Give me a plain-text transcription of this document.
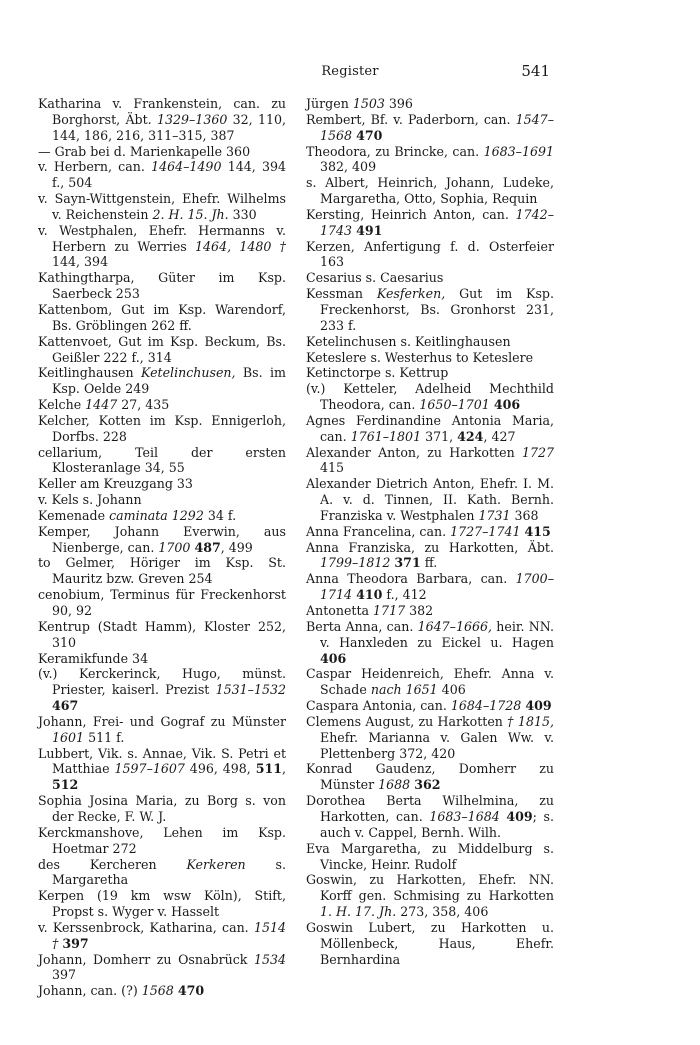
Register	541

Katharina v. Frankenstein, can. zu Borghorst, Äbt. 1329–1360 32, 110, 144, 186, 216, 311–315, 387

— Grab bei d. Marienkapelle 360

v. Herbern, can. 1464–1490 144, 394 f., 504

v. Sayn-Wittgenstein, Ehefr. Wilhelms v. Reichenstein 2. H. 15. Jh. 330

v. Westphalen, Ehefr. Hermanns v. Herbern zu Werries 1464, 1480 † 144, 394

Kathingtharpa, Güter im Ksp. Saerbeck 253

Kattenbom, Gut im Ksp. Warendorf, Bs. Gröblingen 262 ff.

Kattenvoet, Gut im Ksp. Beckum, Bs. Geißler 222 f., 314

Keitlinghausen Ketelinchusen, Bs. im Ksp. Oelde 249

Kelche 1447 27, 435

Kelcher, Kotten im Ksp. Ennigerloh, Dorfbs. 228

cellarium, Teil der ersten Klosteranlage 34, 55

Keller am Kreuzgang 33

v. Kels s. Johann

Kemenade caminata 1292 34 f.

Kemper, Johann Everwin, aus Nienberge, can. 1700 487, 499

to Gelmer, Höriger im Ksp. St. Mauritz bzw. Greven 254

cenobium, Terminus für Freckenhorst 90, 92

Kentrup (Stadt Hamm), Kloster 252, 310

Keramikfunde 34

(v.) Kerckerinck, Hugo, münst. Priester, kaiserl. Prezist 1531–1532 467

Johann, Frei- und Gograf zu Münster 1601 511 f.

Lubbert, Vik. s. Annae, Vik. S. Petri et Matthiae 1597–1607 496, 498, 511, 512

Sophia Josina Maria, zu Borg s. von der Recke, F. W. J.

Kerckmanshove, Lehen im Ksp. Hoetmar 272

des Kercheren Kerkeren s. Margaretha

Kerpen (19 km wsw Köln), Stift, Propst s. Wyger v. Hasselt

v. Kerssenbrock, Katharina, can. 1514 † 397

Johann, Domherr zu Osnabrück 1534 397

Johann, can. (?) 1568 470

Jürgen 1503 396

Rembert, Bf. v. Paderborn, can. 1547–1568 470

Theodora, zu Brincke, can. 1683–1691 382, 409

s. Albert, Heinrich, Johann, Ludeke, Margaretha, Otto, Sophia, Requin

Kersting, Heinrich Anton, can. 1742–1743 491

Kerzen, Anfertigung f. d. Osterfeier 163

Cesarius s. Caesarius

Kessman Kesferken, Gut im Ksp. Freckenhorst, Bs. Gronhorst 231, 233 f.

Ketelinchusen s. Keitlinghausen

Keteslere s. Westerhus to Keteslere

Ketinctorpe s. Kettrup

(v.) Ketteler, Adelheid Mechthild Theodora, can. 1650–1701 406

Agnes Ferdinandine Antonia Maria, can. 1761–1801 371, 424, 427

Alexander Anton, zu Harkotten 1727 415

Alexander Dietrich Anton, Ehefr. I. M. A. v. d. Tinnen, II. Kath. Bernh. Franziska v. Westphalen 1731 368

Anna Francelina, can. 1727–1741 415

Anna Franziska, zu Harkotten, Äbt. 1799–1812 371 ff.

Anna Theodora Barbara, can. 1700–1714 410 f., 412

Antonetta 1717 382

Berta Anna, can. 1647–1666, heir. NN. v. Hanxleden zu Eickel u. Hagen 406

Caspar Heidenreich, Ehefr. Anna v. Schade nach 1651 406

Caspara Antonia, can. 1684–1728 409

Clemens August, zu Harkotten † 1815, Ehefr. Marianna v. Galen Ww. v. Plettenberg 372, 420

Konrad Gaudenz, Domherr zu Münster 1688 362

Dorothea Berta Wilhelmina, zu Harkotten, can. 1683–1684 409; s. auch v. Cappel, Bernh. Wilh.

Eva Margaretha, zu Middelburg s. Vincke, Heinr. Rudolf

Goswin, zu Harkotten, Ehefr. NN. Korff gen. Schmising zu Harkotten 1. H. 17. Jh. 273, 358, 406

Goswin Lubert, zu Harkotten u. Möllenbeck, Haus, Ehefr. Bernhardina
